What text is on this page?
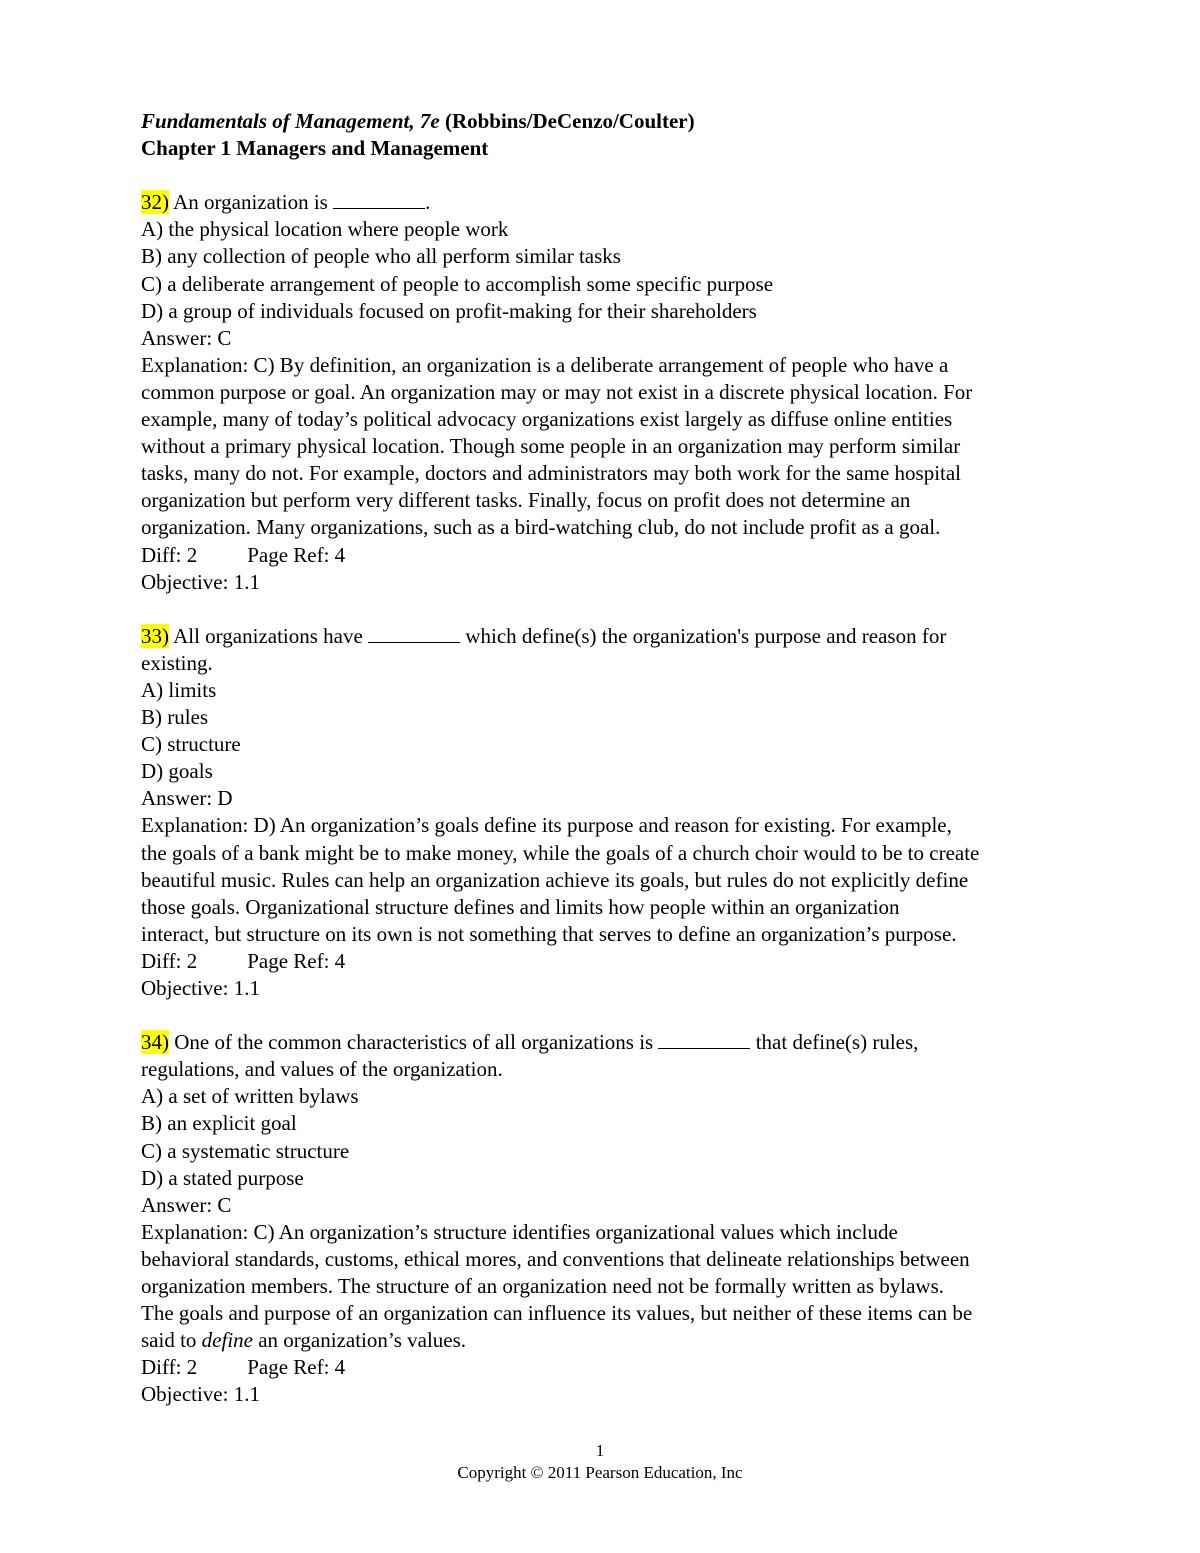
Fundamentals of Management, 7e (Robbins/DeCenzo/Coulter)
Chapter 1 Managers and Management
32) An organization is	.
A) the physical location where people work
B) any collection of people who all perform similar tasks
C) a deliberate arrangement of people to accomplish some specific purpose
D) a group of individuals focused on profit-making for their shareholders
Answer: C
Explanation: C) By definition, an organization is a deliberate arrangement of people who have a
common purpose or goal. An organization may or may not exist in a discrete physical location. For
example, many of today’s political advocacy organizations exist largely as diffuse online entities
without a primary physical location. Though some people in an organization may perform similar
tasks, many do not. For example, doctors and administrators may both work for the same hospital
organization but perform very different tasks. Finally, focus on profit does not determine an
organization. Many organizations, such as a bird-watching club, do not include profit as a goal.
Diff: 2 Page Ref: 4
Objective: 1.1
33) All organizations have	which define(s) the organization's purpose and reason for
existing.
A) limits
B) rules
C) structure
D) goals
Answer: D
Explanation: D) An organization’s goals define its purpose and reason for existing. For example,
the goals of a bank might be to make money, while the goals of a church choir would to be to create
beautiful music. Rules can help an organization achieve its goals, but rules do not explicitly define
those goals. Organizational structure defines and limits how people within an organization
interact, but structure on its own is not something that serves to define an organization’s purpose.
Diff: 2 Page Ref: 4
Objective: 1.1
34) One of the common characteristics of all organizations is	that define(s) rules,
regulations, and values of the organization.
A) a set of written bylaws
B) an explicit goal
C) a systematic structure
D) a stated purpose
Answer: C
Explanation: C) An organization’s structure identifies organizational values which include
behavioral standards, customs, ethical mores, and conventions that delineate relationships between
organization members. The structure of an organization need not be formally written as bylaws.
The goals and purpose of an organization can influence its values, but neither of these items can be
said to define an organization’s values.
Diff: 2 Page Ref: 4
Objective: 1.1
1
Copyright © 2011 Pearson Education, Inc
